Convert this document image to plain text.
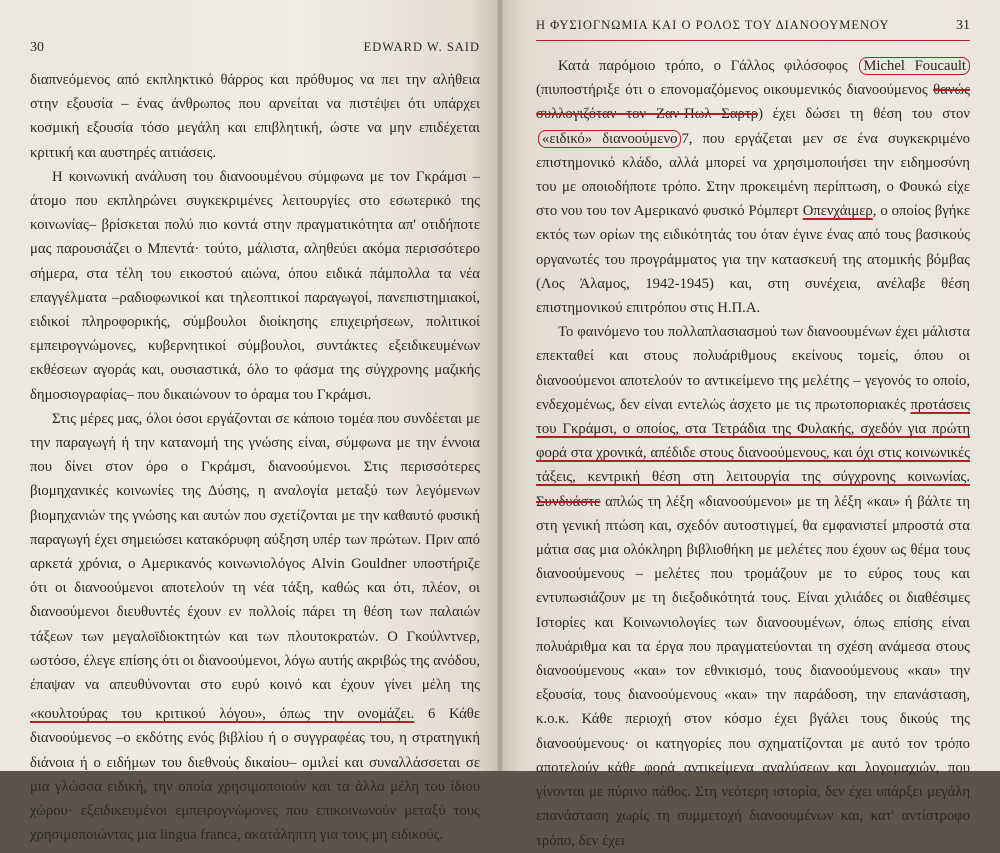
30	EDWARD W. SAID

διαπνεόμενος από εκπληκτικό θάρρος και πρόθυμος να πει την αλήθεια στην εξουσία – ένας άνθρωπος που αρνείται να πιστέψει ότι υπάρχει κοσμική εξουσία τόσο μεγάλη και επιβλητική, ώστε να μην επιδέχεται κριτική και αυστηρές αιτιάσεις.

Η κοινωνική ανάλυση του διανοουμένου σύμφωνα με τον Γκράμσι –άτομο που εκπληρώνει συγκεκριμένες λειτουργίες στο εσωτερικό της κοινωνίας– βρίσκεται πολύ πιο κοντά στην πραγματικότητα απ' οτιδήποτε μας παρουσιάζει ο Μπεντά· τούτο, μάλιστα, αληθεύει ακόμα περισσότερο σήμερα, στα τέλη του εικοστού αιώνα, όπου ειδικά πάμπολλα τα νέα επαγγέλματα –ραδιοφωνικοί και τηλεοπτικοί παραγωγοί, πανεπιστημιακοί, ειδικοί πληροφορικής, σύμβουλοι διοίκησης επιχειρήσεων, πολιτικοί εμπειρογνώμονες, κυβερνητικοί σύμβουλοι, συντάκτες εξειδικευμένων εκθέσεων αγοράς και, ουσιαστικά, όλο το φάσμα της σύγχρονης μαζικής δημοσιογραφίας– που δικαιώνουν το όραμα του Γκράμσι.

Στις μέρες μας, όλοι όσοι εργάζονται σε κάποιο τομέα που συνδέεται με την παραγωγή ή την κατανομή της γνώσης είναι, σύμφωνα με την έννοια που δίνει στον όρο ο Γκράμσι, διανοούμενοι. Στις περισσότερες βιομηχανικές κοινωνίες της Δύσης, η αναλογία μεταξύ των λεγόμενων βιομηχανιών της γνώσης και αυτών που σχετίζονται με την καθαυτό φυσική παραγωγή έχει σημειώσει κατακόρυφη αύξηση υπέρ των πρώτων. Πριν από αρκετά χρόνια, ο Αμερικανός κοινωνιολόγος Alvin Gouldner υποστήριζε ότι οι διανοούμενοι αποτελούν τη νέα τάξη, καθώς και ότι, πλέον, οι διανοούμενοι διευθυντές έχουν εν πολλοίς πάρει τη θέση των παλαιών τάξεων των μεγαλοϊδιοκτητών και των πλουτοκρατών. Ο Γκούλντνερ, ωστόσο, έλεγε επίσης ότι οι διανοούμενοι, λόγω αυτής ακριβώς της ανόδου, έπαψαν να απευθύνονται στο ευρύ κοινό και έχουν γίνει μέλη της «κουλτούρας του κριτικού λόγου», όπως την ονομάζει. 6 Κάθε διανοούμενος –ο εκδότης ενός βιβλίου ή ο συγγραφέας του, η στρατηγική διάνοια ή ο ειδήμων του διεθνούς δικαίου– ομιλεί και συναλλάσσεται σε μια γλώσσα ειδική, την οποία χρησιμοποιούν και τα άλλα μέλη του ίδιου χώρου· εξειδικευμένοι εμπειρογνώμονες που επικοινωνούν μεταξύ τους χρησιμοποιώντας μια lingua franca, ακατάληπτη για τους μη ειδικούς.

Η ΦΥΣΙΟΓΝΩΜΙΑ ΚΑΙ Ο ΡΟΛΟΣ ΤΟΥ ΔΙΑΝΟΟΥΜΕΝΟΥ	31

Κατά παρόμοιο τρόπο, ο Γάλλος φιλόσοφος Michel Foucault (πιυποστήριξε ότι ο επονομαζόμενος οικουμενικός διανοούμενος θανώς συλλογιζόταν τον Ζαν-Πωλ Σαρτρ) έχει δώσει τη θέση του στον «ειδικό» διανοούμενο 7, που εργάζεται μεν σε ένα συγκεκριμένο επιστημονικό κλάδο, αλλά μπορεί να χρησιμοποιήσει την ειδημοσύνη του με οποιοδήποτε τρόπο. Στην προκειμένη περίπτωση, ο Φουκώ είχε στο νου του τον Αμερικανό φυσικό Ρόμπερτ Οπενχάιμερ, ο οποίος βγήκε εκτός των ορίων της ειδικότητάς του όταν έγινε ένας από τους βασικούς οργανωτές του προγράμματος για την κατασκευή της ατομικής βόμβας (Λος Άλαμος, 1942-1945) και, στη συνέχεια, ανέλαβε θέση επιστημονικού επιτρόπου στις Η.Π.Α.

Το φαινόμενο του πολλαπλασιασμού των διανοουμένων έχει μάλιστα επεκταθεί και στους πολυάριθμους εκείνους τομείς, όπου οι διανοούμενοι αποτελούν το αντικείμενο της μελέτης – γεγονός το οποίο, ενδεχομένως, δεν είναι εντελώς άσχετο με τις πρωτοποριακές προτάσεις του Γκράμσι, ο οποίος, στα Τετράδια της Φυλακής, σχεδόν για πρώτη φορά στα χρονικά, απέδιδε στους διανοούμενους, και όχι στις κοινωνικές τάξεις, κεντρική θέση στη λειτουργία της σύγχρονης κοινωνίας. Συνδυάστε απλώς τη λέξη «διανοούμενοι» με τη λέξη «και» ή βάλτε τη στη γενική πτώση και, σχεδόν αυτοστιγμεί, θα εμφανιστεί μπροστά στα μάτια σας μια ολόκληρη βιβλιοθήκη με μελέτες που έχουν ως θέμα τους διανοούμενους – μελέτες που τρομάζουν με το εύρος τους και εντυπωσιάζουν με τη διεξοδικότητά τους. Είναι χιλιάδες οι διαθέσιμες Ιστορίες και Κοινωνιολογίες των διανοουμένων, όπως επίσης είναι πολυάριθμα και τα έργα που πραγματεύονται τη σχέση ανάμεσα στους διανοούμενους «και» τον εθνικισμό, τους διανοούμενους «και» την εξουσία, τους διανοούμενους «και» την παράδοση, την επανάσταση, κ.ο.κ. Κάθε περιοχή στον κόσμο έχει βγάλει τους δικούς της διανοούμενους· οι κατηγορίες που σχηματίζονται με αυτό τον τρόπο αποτελούν κάθε φορά αντικείμενα αναλύσεων και λογομαχιών, που γίνονται με πύρινο πάθος. Στη νεότερη ιστορία, δεν έχει υπάρξει μεγάλη επανάσταση χωρίς τη συμμετοχή διανοουμένων και, κατ' αντίστροφο τρόπο, δεν έχει
